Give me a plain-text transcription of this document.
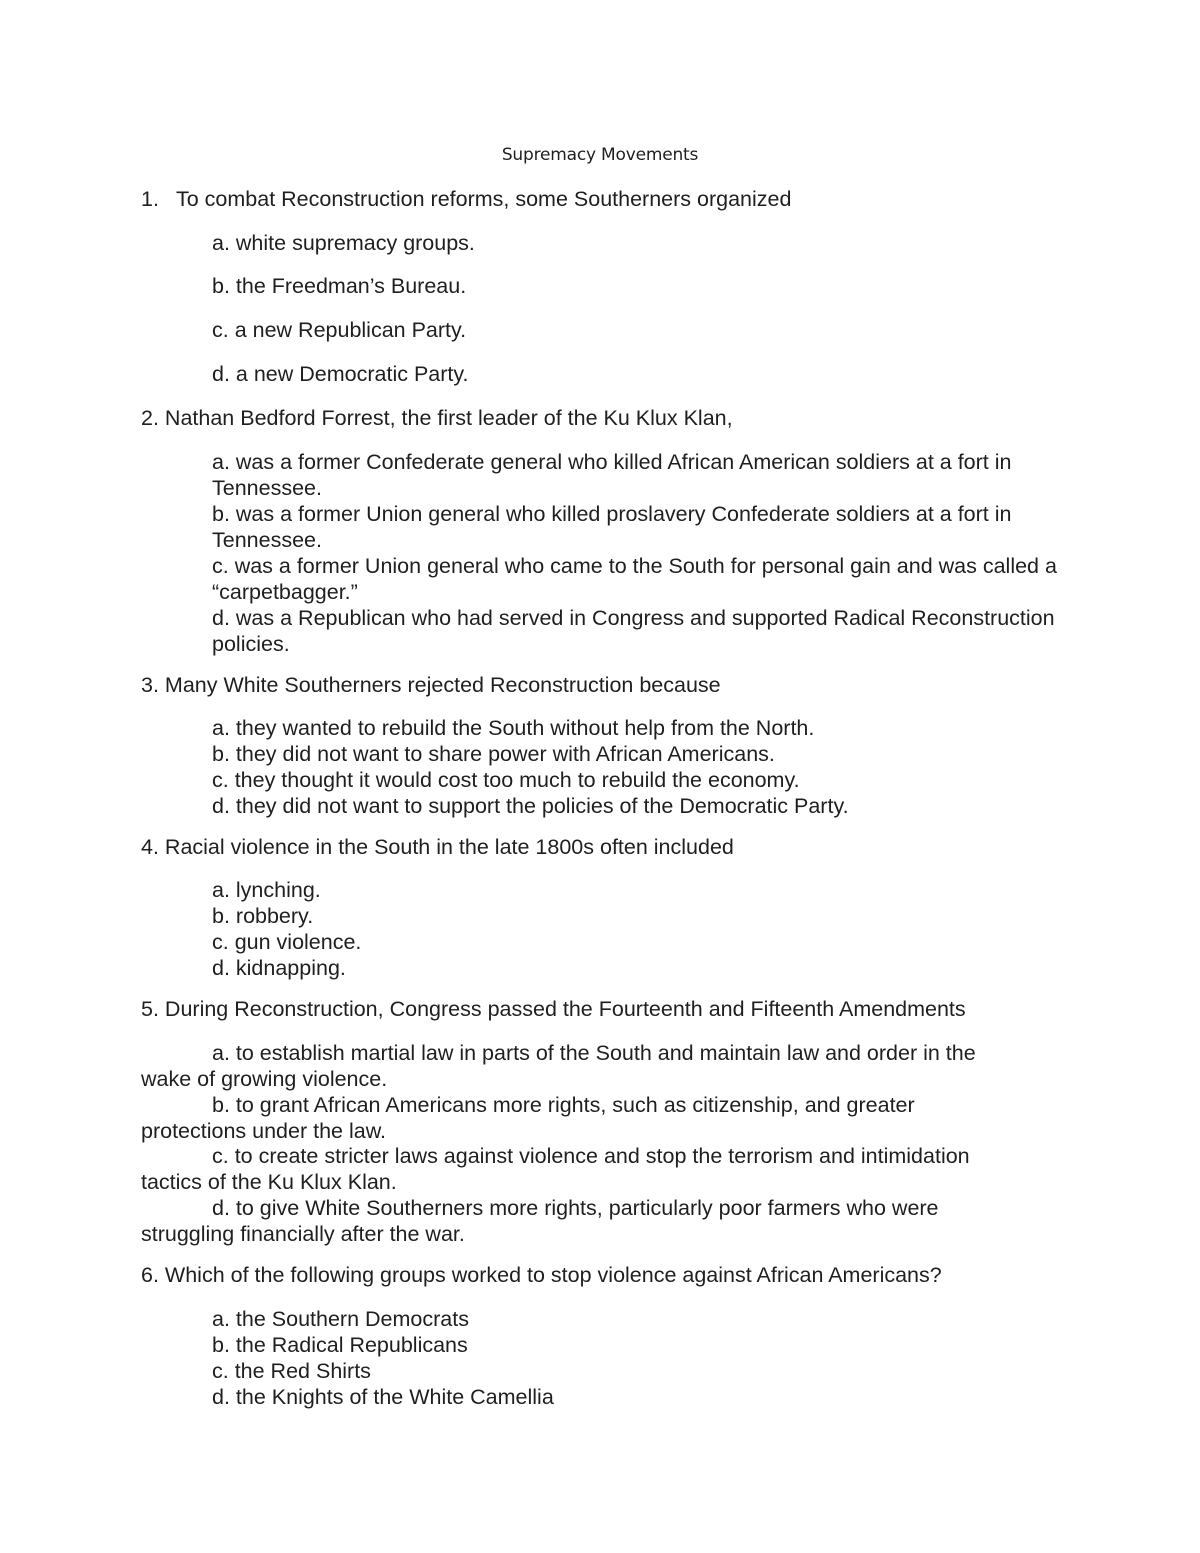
Supremacy Movements
1. To combat Reconstruction reforms, some Southerners organized
a. white supremacy groups.
b. the Freedman’s Bureau.
c. a new Republican Party.
d. a new Democratic Party.
2. Nathan Bedford Forrest, the first leader of the Ku Klux Klan,
a. was a former Confederate general who killed African American soldiers at a fort in Tennessee.
b. was a former Union general who killed proslavery Confederate soldiers at a fort in Tennessee.
c. was a former Union general who came to the South for personal gain and was called a “carpetbagger.”
d. was a Republican who had served in Congress and supported Radical Reconstruction policies.
3. Many White Southerners rejected Reconstruction because
a. they wanted to rebuild the South without help from the North.
b. they did not want to share power with African Americans.
c. they thought it would cost too much to rebuild the economy.
d. they did not want to support the policies of the Democratic Party.
4. Racial violence in the South in the late 1800s often included
a. lynching.
b. robbery.
c. gun violence.
d. kidnapping.
5. During Reconstruction, Congress passed the Fourteenth and Fifteenth Amendments
a. to establish martial law in parts of the South and maintain law and order in the wake of growing violence.
b. to grant African Americans more rights, such as citizenship, and greater protections under the law.
c. to create stricter laws against violence and stop the terrorism and intimidation tactics of the Ku Klux Klan.
d. to give White Southerners more rights, particularly poor farmers who were struggling financially after the war.
6. Which of the following groups worked to stop violence against African Americans?
a. the Southern Democrats
b. the Radical Republicans
c. the Red Shirts
d. the Knights of the White Camellia
